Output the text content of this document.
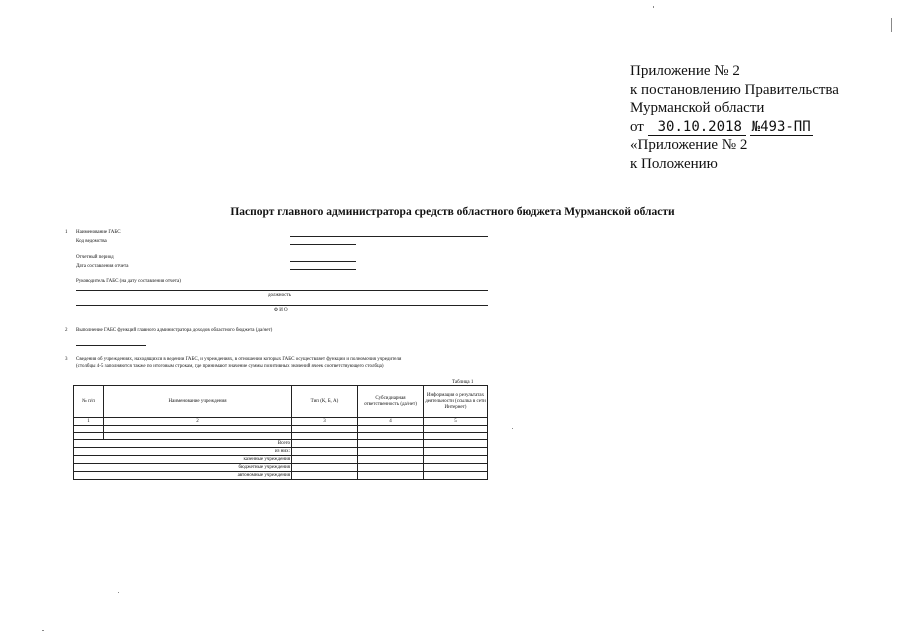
Приложение № 2
к постановлению Правительства
Мурманской области
от 30.10.2018 №493-ПП
«Приложение № 2
к Положению
Паспорт главного администратора средств областного бюджета Мурманской области
1 Наименование ГАБС
Код ведомства
Отчетный период
Дата составления отчета
Руководитель ГАБС (на дату составления отчета)
должность
Ф И О
2 Выполнение ГАБС функций главного администратора доходов областного бюджета (да/нет)
3 Сведения об учреждениях, находящихся в ведении ГАБС, и учреждениях, в отношении которых ГАБС осуществляет функции и полномочия учредителя
(столбцы 4-5 заполняются также по итоговым строкам, где принимают значение суммы позитивных значений ячеек соответствующего столбца)
Таблица 1
№ п/п	Наименование учреждения	Тип (К, Б, А)	Субсидиарная ответственность (да/нет)	Информация о результатах деятельности (ссылка в сети Интернет)
1	2	3	4	5

Всего				
из них:				
казенные учреждения				
бюджетные учреждения				
автономные учреждения				
